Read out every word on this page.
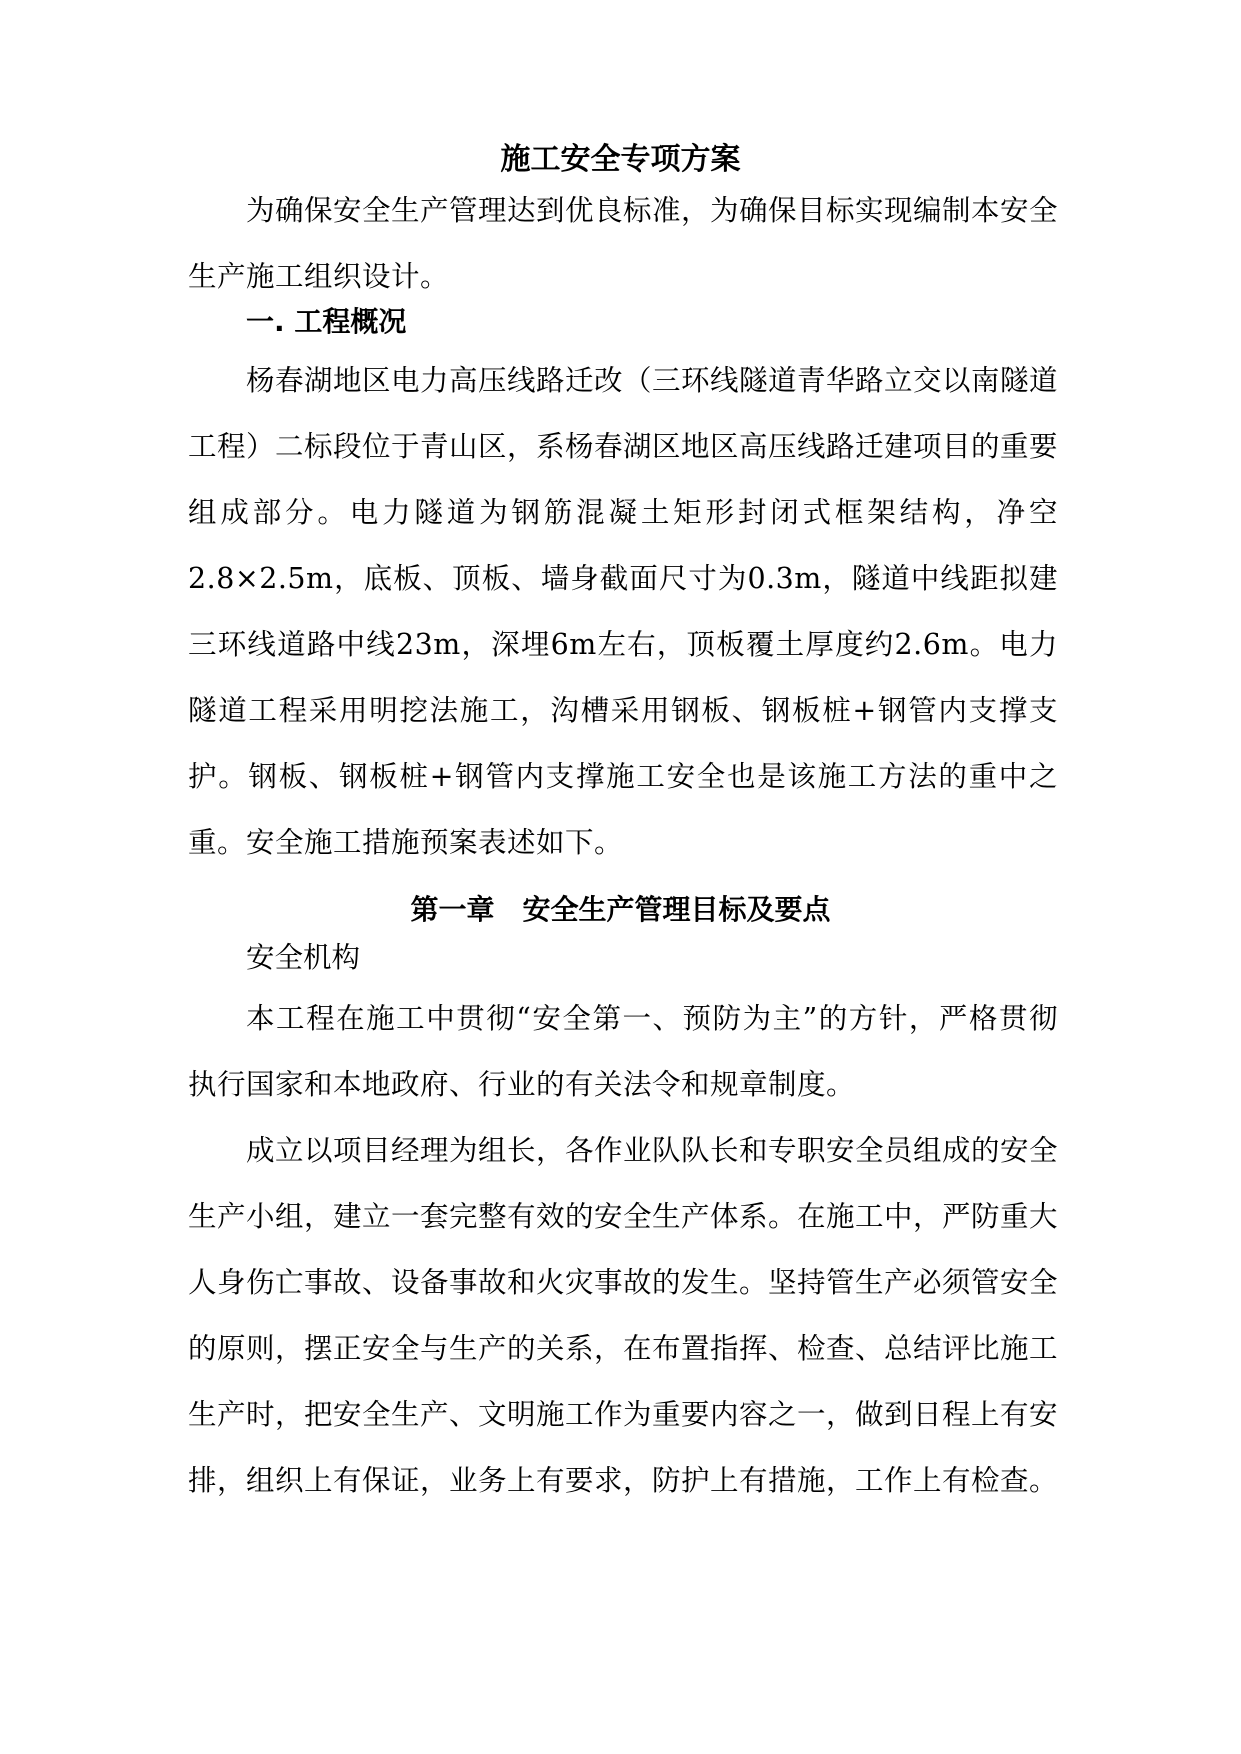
施工安全专项方案

为确保安全生产管理达到优良标准，为确保目标实现编制本安全生产施工组织设计。

一. 工程概况

杨春湖地区电力高压线路迁改（三环线隧道青华路立交以南隧道工程）二标段位于青山区，系杨春湖区地区高压线路迁建项目的重要组成部分。电力隧道为钢筋混凝土矩形封闭式框架结构，净空2.8×2.5m，底板、顶板、墙身截面尺寸为0.3m，隧道中线距拟建三环线道路中线23m，深埋6m左右，顶板覆土厚度约2.6m。电力隧道工程采用明挖法施工，沟槽采用钢板、钢板桩+钢管内支撑支护。钢板、钢板桩+钢管内支撑施工安全也是该施工方法的重中之重。安全施工措施预案表述如下。

第一章　安全生产管理目标及要点

安全机构

本工程在施工中贯彻“安全第一、预防为主”的方针，严格贯彻执行国家和本地政府、行业的有关法令和规章制度。

成立以项目经理为组长，各作业队队长和专职安全员组成的安全生产小组，建立一套完整有效的安全生产体系。在施工中，严防重大人身伤亡事故、设备事故和火灾事故的发生。坚持管生产必须管安全的原则，摆正安全与生产的关系，在布置指挥、检查、总结评比施工生产时，把安全生产、文明施工作为重要内容之一，做到日程上有安排，组织上有保证，业务上有要求，防护上有措施，工作上有检查。
